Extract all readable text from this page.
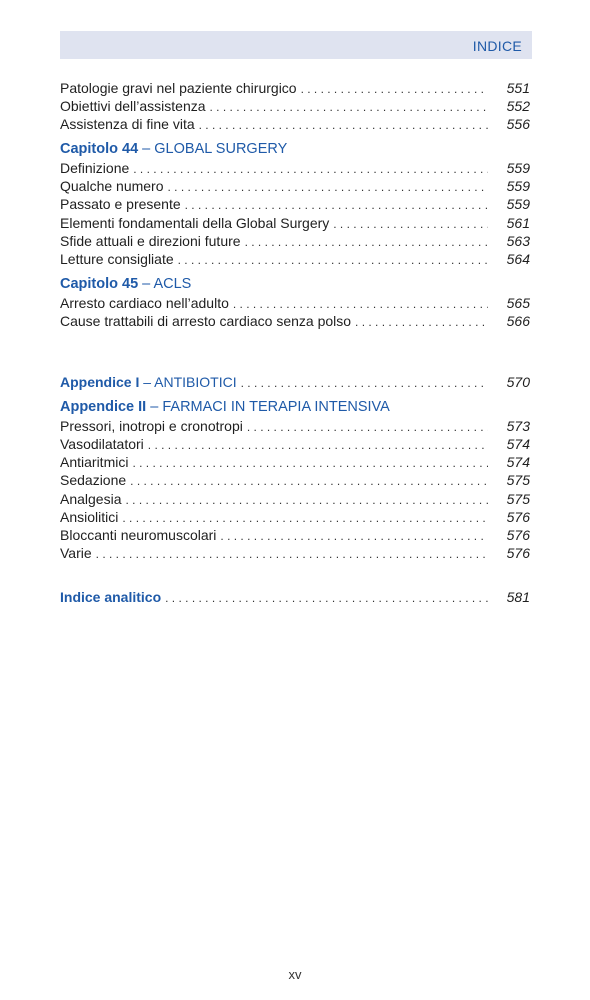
INDICE
Patologie gravi nel paziente chirurgico . . .	551
Obiettivi dell’assistenza . . .	552
Assistenza di fine vita . . .	556
Capitolo 44 – GLOBAL SURGERY
Definizione . . .	559
Qualche numero . . .	559
Passato e presente . . .	559
Elementi fondamentali della Global Surgery . . .	561
Sfide attuali e direzioni future . . .	563
Letture consigliate . . .	564
Capitolo 45 – ACLS
Arresto cardiaco nell’adulto . . .	565
Cause trattabili di arresto cardiaco senza polso . . .	566
Appendice I – ANTIBIOTICI . . .	570
Appendice II – FARMACI IN TERAPIA INTENSIVA
Pressori, inotropi e cronotropi . . .	573
Vasodilatatori . . .	574
Antiaritmici . . .	574
Sedazione . . .	575
Analgesia . . .	575
Ansiolitici . . .	576
Bloccanti neuromuscolari . . .	576
Varie . . .	576
Indice analitico . . .	581
xv
